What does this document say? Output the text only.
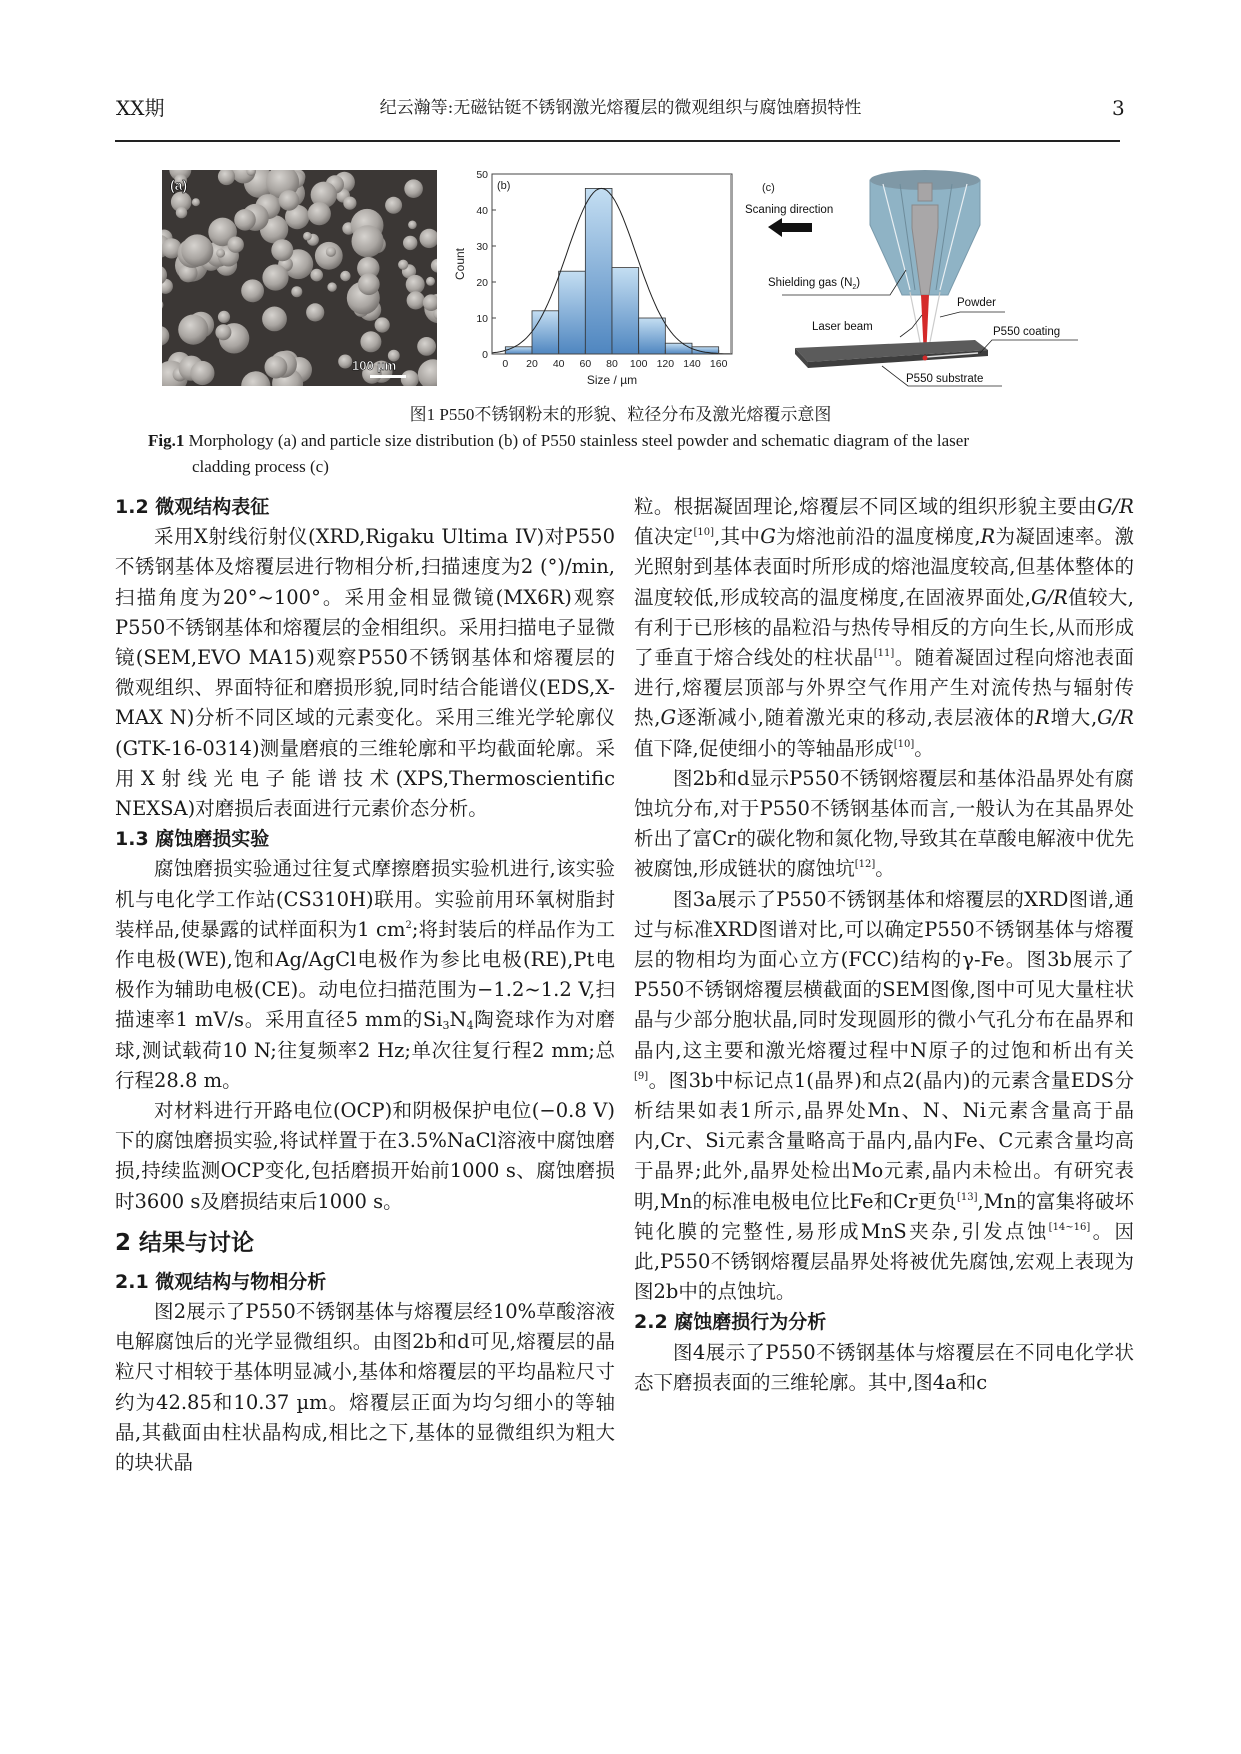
XX期	纪云瀚等:无磁钴铤不锈钢激光熔覆层的微观组织与腐蚀磨损特性	3
(a)
100 µm	0 20 40 60 80 100 120 140 160
0
10
20
30
40
50
(b)
Size / µm
Count
(c)
Scaning direction
Shielding gas $(N_2)$
Powder
Laser beam	P550 coating
P550 substrate
图1 P550不锈钢粉末的形貌、粒径分布及激光熔覆示意图
Fig.1 Morphology (a) and particle size distribution (b) of P550 stainless steel powder and schematic diagram of the laser
cladding process (c)
1.2 微观结构表征

采用X射线衍射仪(XRD,Rigaku Ultima IV)对P550不锈钢基体及熔覆层进行物相分析,扫描速度为2 (°)/min,扫描角度为20°~100°。采用金相显微镜(MX6R)观察P550不锈钢基体和熔覆层的金相组织。采用扫描电子显微镜(SEM,EVO MA15)观察P550不锈钢基体和熔覆层的微观组织、界面特征和磨损形貌,同时结合能谱仪(EDS,X-MAX N)分析不同区域的元素变化。采用三维光学轮廓仪(GTK-16-0314)测量磨痕的三维轮廓和平均截面轮廓。采用X射线光电子能谱技术(XPS,Thermoscientific NEXSA)对磨损后表面进行元素价态分析。

1.3 腐蚀磨损实验

腐蚀磨损实验通过往复式摩擦磨损实验机进行,该实验机与电化学工作站(CS310H)联用。实验前用环氧树脂封装样品,使暴露的试样面积为1 $cm^2$;将封装后的样品作为工作电极(WE),饱和Ag/AgCl电极作为参比电极(RE),Pt电极作为辅助电极(CE)。动电位扫描范围为−1.2~1.2 V,扫描速率1 mV/s。采用直径5 mm的$Si_3N_4$陶瓷球作为对磨球,测试载荷10 N;往复频率2 Hz;单次往复行程2 mm;总行程28.8 m。

对材料进行开路电位(OCP)和阴极保护电位(−0.8 V)下的腐蚀磨损实验,将试样置于在3.5%NaCl溶液中腐蚀磨损,持续监测OCP变化,包括磨损开始前1000 s、腐蚀磨损时3600 s及磨损结束后1000 s。

2 结果与讨论
2.1 微观结构与物相分析

图2展示了P550不锈钢基体与熔覆层经10%草酸溶液电解腐蚀后的光学显微组织。由图2b和d可见,熔覆层的晶粒尺寸相较于基体明显减小,基体和熔覆层的平均晶粒尺寸约为42.85和10.37 µm。熔覆层正面为均匀细小的等轴晶,其截面由柱状晶构成,相比之下,基体的显微组织为粗大的块状晶

粒。根据凝固理论,熔覆层不同区域的组织形貌主要由G/R值决定[10],其中G为熔池前沿的温度梯度,R为凝固速率。激光照射到基体表面时所形成的熔池温度较高,但基体整体的温度较低,形成较高的温度梯度,在固液界面处,G/R值较大,有利于已形核的晶粒沿与热传导相反的方向生长,从而形成了垂直于熔合线处的柱状晶[11]。随着凝固过程向熔池表面进行,熔覆层顶部与外界空气作用产生对流传热与辐射传热,G逐渐减小,随着激光束的移动,表层液体的R增大,G/R值下降,促使细小的等轴晶形成[10]。

图2b和d显示P550不锈钢熔覆层和基体沿晶界处有腐蚀坑分布,对于P550不锈钢基体而言,一般认为在其晶界处析出了富Cr的碳化物和氮化物,导致其在草酸电解液中优先被腐蚀,形成链状的腐蚀坑[12]。

图3a展示了P550不锈钢基体和熔覆层的XRD图谱,通过与标准XRD图谱对比,可以确定P550不锈钢基体与熔覆层的物相均为面心立方(FCC)结构的γ-Fe。图3b展示了P550不锈钢熔覆层横截面的SEM图像,图中可见大量柱状晶与少部分胞状晶,同时发现圆形的微小气孔分布在晶界和晶内,这主要和激光熔覆过程中N原子的过饱和析出有关[9]。图3b中标记点1(晶界)和点2(晶内)的元素含量EDS分析结果如表1所示,晶界处Mn、N、Ni元素含量高于晶内,Cr、Si元素含量略高于晶内,晶内Fe、C元素含量均高于晶界;此外,晶界处检出Mo元素,晶内未检出。有研究表明,Mn的标准电极电位比Fe和Cr更负[13],Mn的富集将破坏钝化膜的完整性,易形成MnS夹杂,引发点蚀[14~16]。因此,P550不锈钢熔覆层晶界处将被优先腐蚀,宏观上表现为图2b中的点蚀坑。

2.2 腐蚀磨损行为分析

图4展示了P550不锈钢基体与熔覆层在不同电化学状态下磨损表面的三维轮廓。其中,图4a和c
